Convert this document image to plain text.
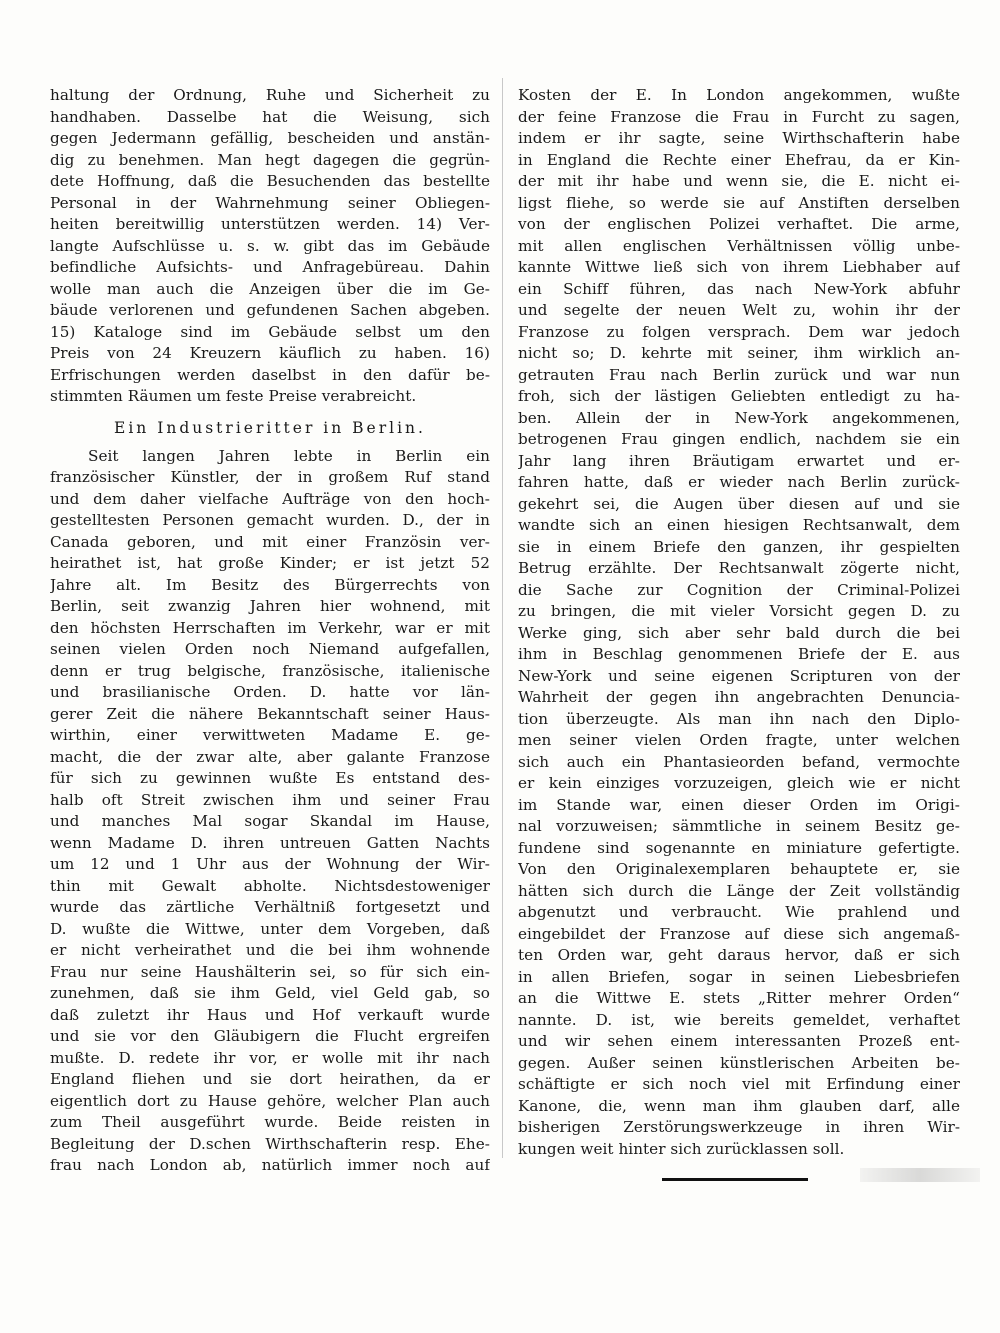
haltung der Ordnung, Ruhe und Sicherheit zu
handhaben. Dasselbe hat die Weisung, sich
gegen Jedermann gefällig, bescheiden und anstän-
dig zu benehmen. Man hegt dagegen die gegrün-
dete Hoffnung, daß die Besuchenden das bestellte
Personal in der Wahrnehmung seiner Obliegen-
heiten bereitwillig unterstützen werden. 14) Ver-
langte Aufschlüsse u. s. w. gibt das im Gebäude
befindliche Aufsichts- und Anfragebüreau. Dahin
wolle man auch die Anzeigen über die im Ge-
bäude verlorenen und gefundenen Sachen abgeben.
15) Kataloge sind im Gebäude selbst um den
Preis von 24 Kreuzern käuflich zu haben. 16)
Erfrischungen werden daselbst in den dafür be-
stimmten Räumen um feste Preise verabreicht.
Ein Industrieritter in Berlin.
Seit langen Jahren lebte in Berlin ein
französischer Künstler, der in großem Ruf stand
und dem daher vielfache Aufträge von den hoch-
gestelltesten Personen gemacht wurden. D., der in
Canada geboren, und mit einer Französin ver-
heirathet ist, hat große Kinder; er ist jetzt 52
Jahre alt. Im Besitz des Bürgerrechts von
Berlin, seit zwanzig Jahren hier wohnend, mit
den höchsten Herrschaften im Verkehr, war er mit
seinen vielen Orden noch Niemand aufgefallen,
denn er trug belgische, französische, italienische
und brasilianische Orden. D. hatte vor län-
gerer Zeit die nähere Bekanntschaft seiner Haus-
wirthin, einer verwittweten Madame E. ge-
macht, die der zwar alte, aber galante Franzose
für sich zu gewinnen wußte Es entstand des-
halb oft Streit zwischen ihm und seiner Frau
und manches Mal sogar Skandal im Hause,
wenn Madame D. ihren untreuen Gatten Nachts
um 12 und 1 Uhr aus der Wohnung der Wir-
thin mit Gewalt abholte. Nichtsdestoweniger
wurde das zärtliche Verhältniß fortgesetzt und
D. wußte die Wittwe, unter dem Vorgeben, daß
er nicht verheirathet und die bei ihm wohnende
Frau nur seine Haushälterin sei, so für sich ein-
zunehmen, daß sie ihm Geld, viel Geld gab, so
daß zuletzt ihr Haus und Hof verkauft wurde
und sie vor den Gläubigern die Flucht ergreifen
mußte. D. redete ihr vor, er wolle mit ihr nach
England fliehen und sie dort heirathen, da er
eigentlich dort zu Hause gehöre, welcher Plan auch
zum Theil ausgeführt wurde. Beide reisten in
Begleitung der D.schen Wirthschafterin resp. Ehe-
frau nach London ab, natürlich immer noch auf
Kosten der E. In London angekommen, wußte
der feine Franzose die Frau in Furcht zu sagen,
indem er ihr sagte, seine Wirthschafterin habe
in England die Rechte einer Ehefrau, da er Kin-
der mit ihr habe und wenn sie, die E. nicht ei-
ligst fliehe, so werde sie auf Anstiften derselben
von der englischen Polizei verhaftet. Die arme,
mit allen englischen Verhältnissen völlig unbe-
kannte Wittwe ließ sich von ihrem Liebhaber auf
ein Schiff führen, das nach New-York abfuhr
und segelte der neuen Welt zu, wohin ihr der
Franzose zu folgen versprach. Dem war jedoch
nicht so; D. kehrte mit seiner, ihm wirklich an-
getrauten Frau nach Berlin zurück und war nun
froh, sich der lästigen Geliebten entledigt zu ha-
ben. Allein der in New-York angekommenen,
betrogenen Frau gingen endlich, nachdem sie ein
Jahr lang ihren Bräutigam erwartet und er-
fahren hatte, daß er wieder nach Berlin zurück-
gekehrt sei, die Augen über diesen auf und sie
wandte sich an einen hiesigen Rechtsanwalt, dem
sie in einem Briefe den ganzen, ihr gespielten
Betrug erzählte. Der Rechtsanwalt zögerte nicht,
die Sache zur Cognition der Criminal-Polizei
zu bringen, die mit vieler Vorsicht gegen D. zu
Werke ging, sich aber sehr bald durch die bei
ihm in Beschlag genommenen Briefe der E. aus
New-York und seine eigenen Scripturen von der
Wahrheit der gegen ihn angebrachten Denuncia-
tion überzeugte. Als man ihn nach den Diplo-
men seiner vielen Orden fragte, unter welchen
sich auch ein Phantasieorden befand, vermochte
er kein einziges vorzuzeigen, gleich wie er nicht
im Stande war, einen dieser Orden im Origi-
nal vorzuweisen; sämmtliche in seinem Besitz ge-
fundene sind sogenannte en miniature gefertigte.
Von den Originalexemplaren behauptete er, sie
hätten sich durch die Länge der Zeit vollständig
abgenutzt und verbraucht. Wie prahlend und
eingebildet der Franzose auf diese sich angemaß-
ten Orden war, geht daraus hervor, daß er sich
in allen Briefen, sogar in seinen Liebesbriefen
an die Wittwe E. stets „Ritter mehrer Orden“
nannte. D. ist, wie bereits gemeldet, verhaftet
und wir sehen einem interessanten Prozeß ent-
gegen. Außer seinen künstlerischen Arbeiten be-
schäftigte er sich noch viel mit Erfindung einer
Kanone, die, wenn man ihm glauben darf, alle
bisherigen Zerstörungswerkzeuge in ihren Wir-
kungen weit hinter sich zurücklassen soll.
